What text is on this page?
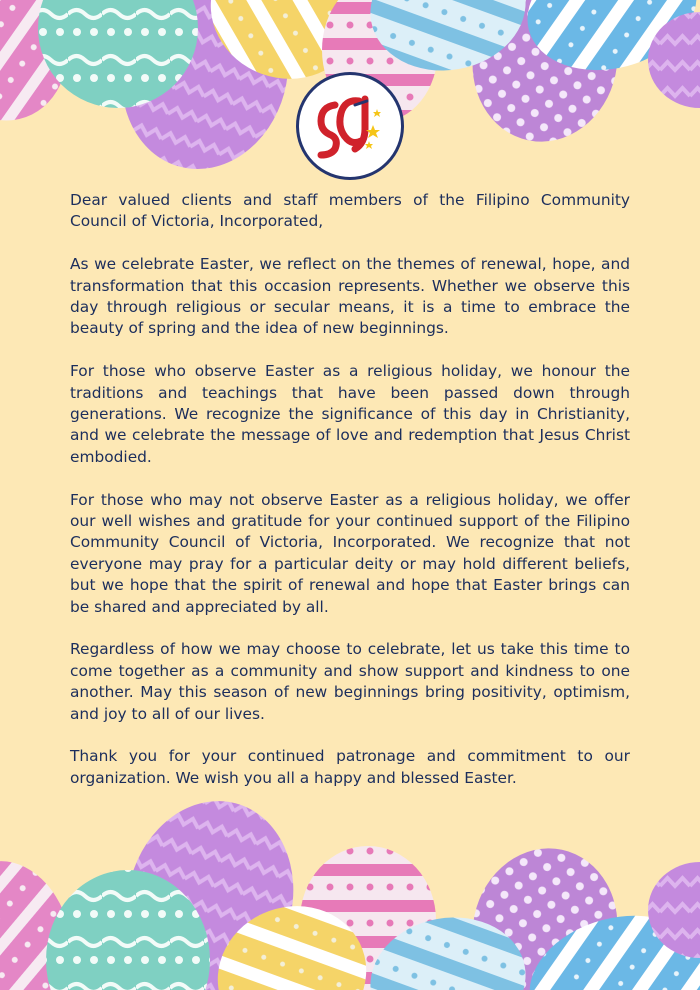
Dear valued clients and staff members of the Filipino Community Council of Victoria, Incorporated,

As we celebrate Easter, we reflect on the themes of renewal, hope, and transformation that this occasion represents. Whether we observe this day through religious or secular means, it is a time to embrace the beauty of spring and the idea of new beginnings.

For those who observe Easter as a religious holiday, we honour the traditions and teachings that have been passed down through generations. We recognize the significance of this day in Christianity, and we celebrate the message of love and redemption that Jesus Christ embodied.

For those who may not observe Easter as a religious holiday, we offer our well wishes and gratitude for your continued support of the Filipino Community Council of Victoria, Incorporated. We recognize that not everyone may pray for a particular deity or may hold different beliefs, but we hope that the spirit of renewal and hope that Easter brings can be shared and appreciated by all.

Regardless of how we may choose to celebrate, let us take this time to come together as a community and show support and kindness to one another. May this season of new beginnings bring positivity, optimism, and joy to all of our lives.

Thank you for your continued patronage and commitment to our organization. We wish you all a happy and blessed Easter.
